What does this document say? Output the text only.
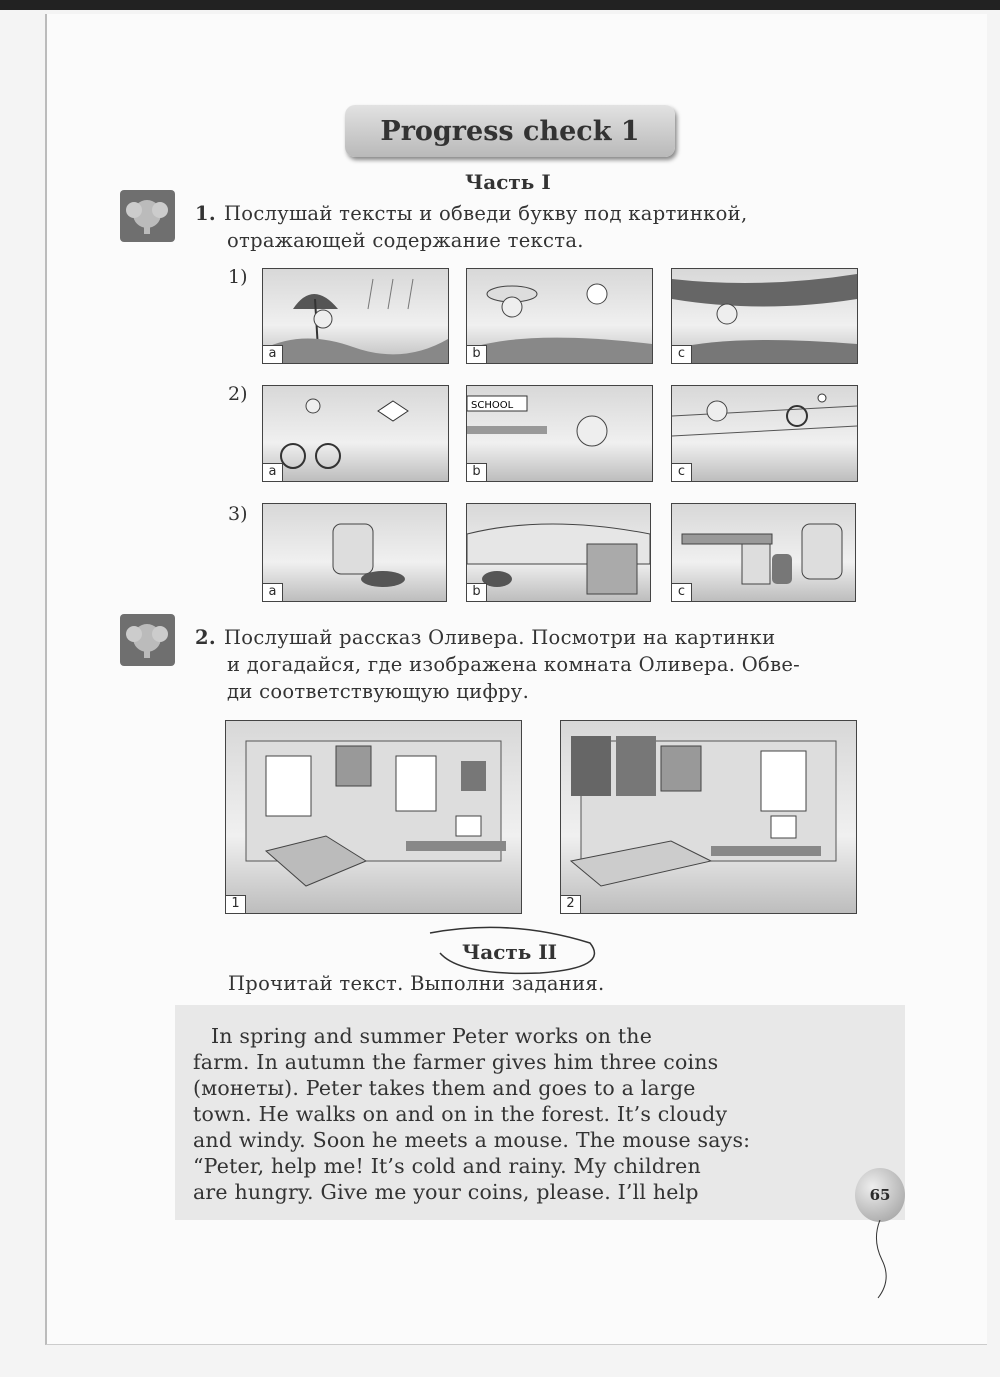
Progress check 1
Часть I
1. Послушай тексты и обведи букву под картинкой,
отражающей содержание текста.
1)
2)
3)
a	b	c
a
SCHOOL
b	c
a	b	c
2. Послушай рассказ Оливера. Посмотри на картинки
и догадайся, где изображена комната Оливера. Обве-
ди соответствующую цифру.
1	2
Часть II
Прочитай текст. Выполни задания.
In spring and summer Peter works on the
farm. In autumn the farmer gives him three coins
(монеты). Peter takes them and goes to a large
town. He walks on and on in the forest. It’s cloudy
and windy. Soon he meets a mouse. The mouse says:
“Peter, help me! It’s cold and rainy. My children
are hungry. Give me your coins, please. I’ll help	65
